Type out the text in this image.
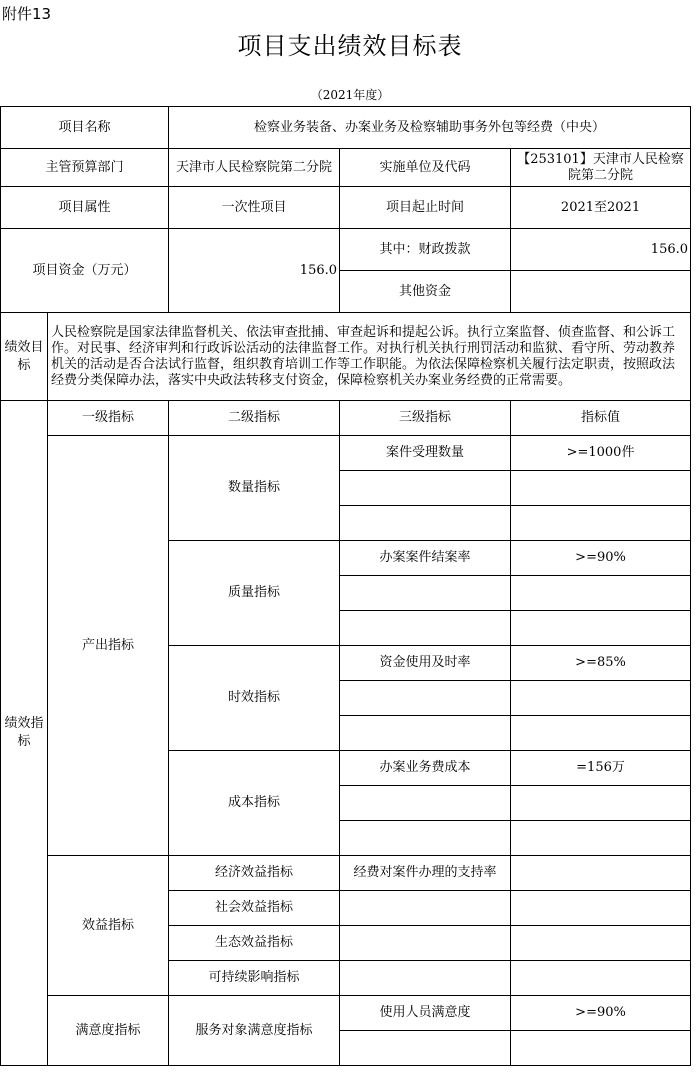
附件13
项目支出绩效目标表
（2021年度）
项目名称		检察业务装备、办案业务及检察辅助事务外包等经费（中央）		
主管预算部门		天津市人民检察院第二分院	实施单位及代码	【253101】天津市人民检察院第二分院
项目属性		一次性项目	项目起止时间	2021至2021
项目资金（万元）		156.0	其中：财政拨款	156.0
			其他资金	
绩效目标	人民检察院是国家法律监督机关、依法审查批捕、审查起诉和提起公诉。执行立案监督、侦查监督、和公诉工作。对民事、经济审判和行政诉讼活动的法律监督工作。对执行机关执行刑罚活动和监狱、看守所、劳动教养机关的活动是否合法试行监督，组织教育培训工作等工作职能。为依法保障检察机关履行法定职责，按照政法经费分类保障办法，落实中央政法转移支付资金，保障检察机关办案业务经费的正常需要。			
绩效指标	一级指标	二级指标	三级指标	指标值
	产出指标	数量指标	案件受理数量	>=1000件

		质量指标	办案案件结案率	>=90%

		时效指标	资金使用及时率	>=85%

		成本指标	办案业务费成本	=156万

	效益指标	经济效益指标	经费对案件办理的支持率	
		社会效益指标		
		生态效益指标		
		可持续影响指标		
	满意度指标	服务对象满意度指标	使用人员满意度	>=90%
